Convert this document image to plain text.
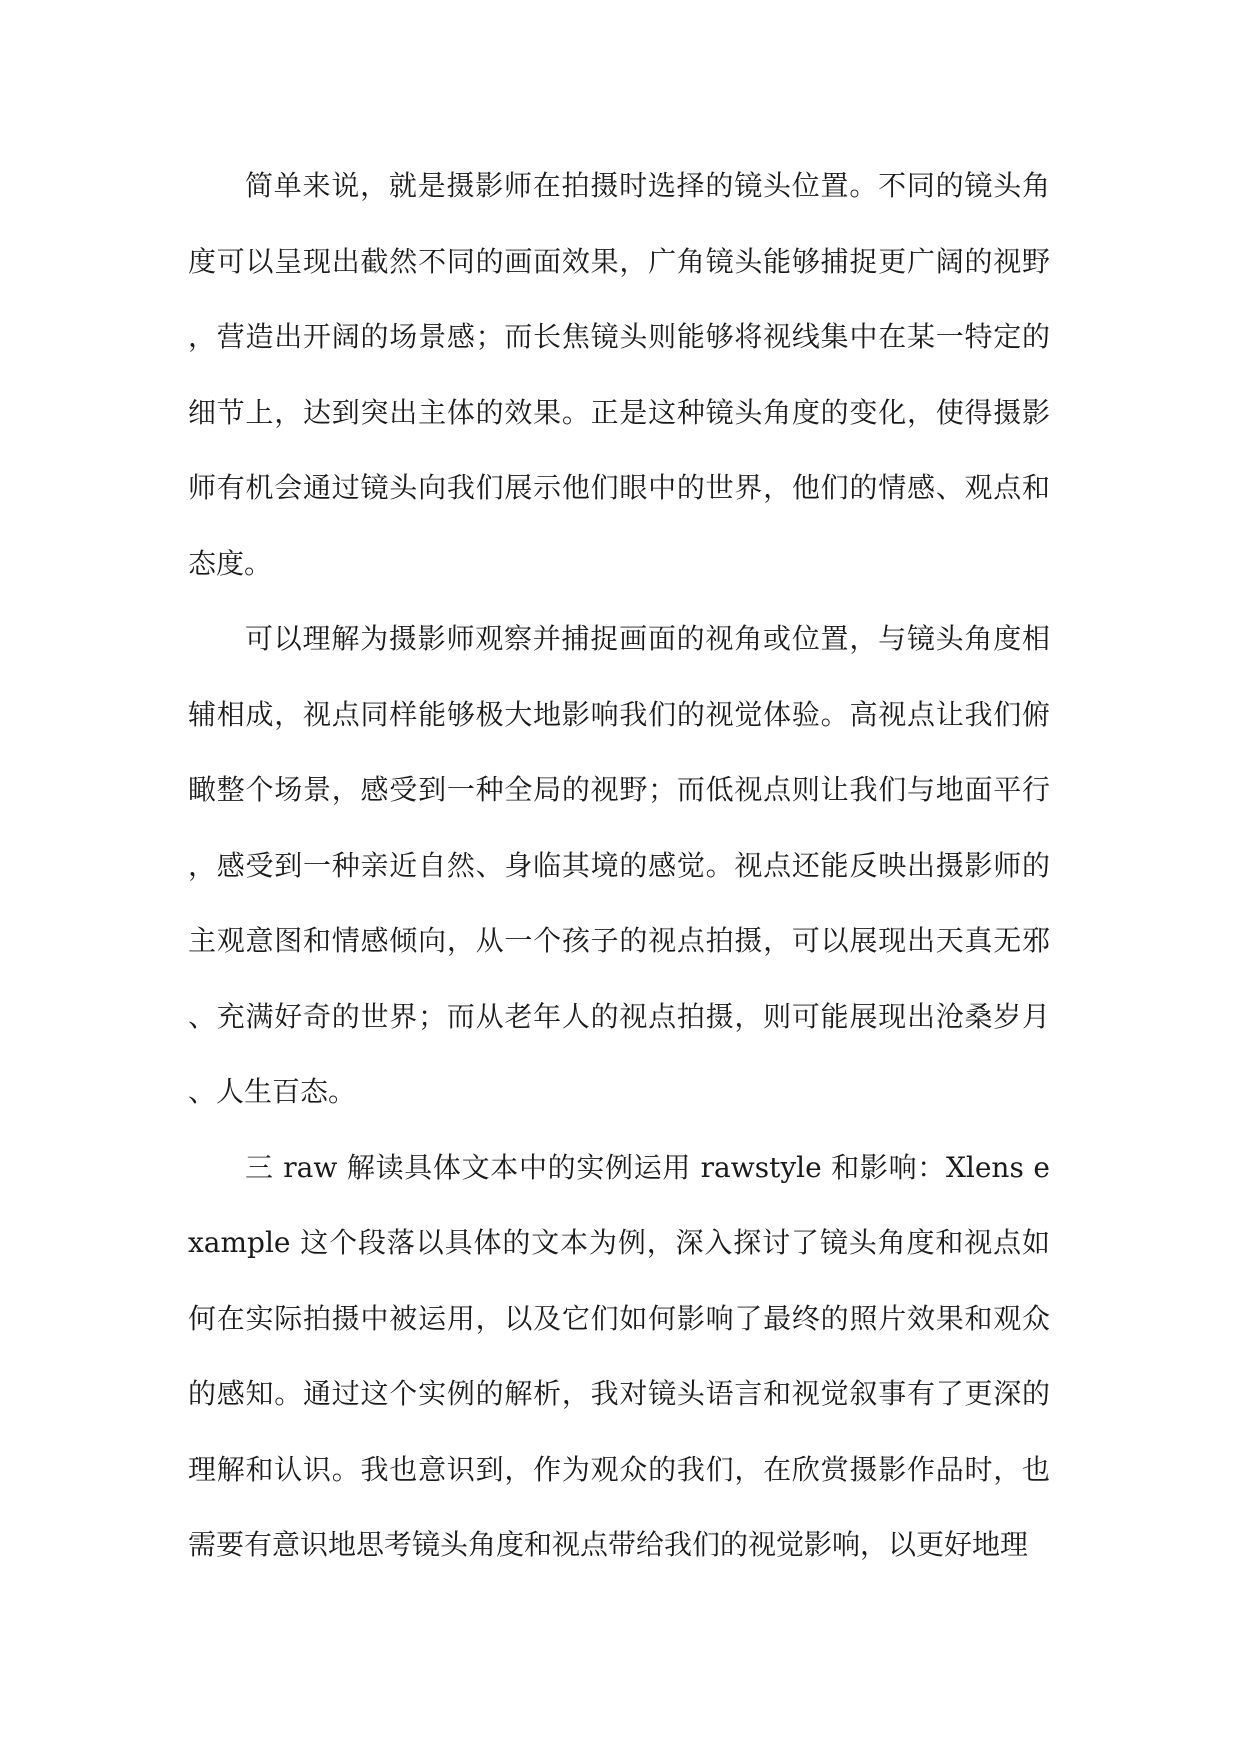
简单来说，就是摄影师在拍摄时选择的镜头位置。不同的镜头角度可以呈现出截然不同的画面效果，广角镜头能够捕捉更广阔的视野，营造出开阔的场景感；而长焦镜头则能够将视线集中在某一特定的细节上，达到突出主体的效果。正是这种镜头角度的变化，使得摄影师有机会通过镜头向我们展示他们眼中的世界，他们的情感、观点和态度。

可以理解为摄影师观察并捕捉画面的视角或位置，与镜头角度相辅相成，视点同样能够极大地影响我们的视觉体验。高视点让我们俯瞰整个场景，感受到一种全局的视野；而低视点则让我们与地面平行，感受到一种亲近自然、身临其境的感觉。视点还能反映出摄影师的主观意图和情感倾向，从一个孩子的视点拍摄，可以展现出天真无邪、充满好奇的世界；而从老年人的视点拍摄，则可能展现出沧桑岁月、人生百态。

三 raw 解读具体文本中的实例运用 rawstyle 和影响：Xlens example 这个段落以具体的文本为例，深入探讨了镜头角度和视点如何在实际拍摄中被运用，以及它们如何影响了最终的照片效果和观众的感知。通过这个实例的解析，我对镜头语言和视觉叙事有了更深的理解和认识。我也意识到，作为观众的我们，在欣赏摄影作品时，也需要有意识地思考镜头角度和视点带给我们的视觉影响，以更好地理
